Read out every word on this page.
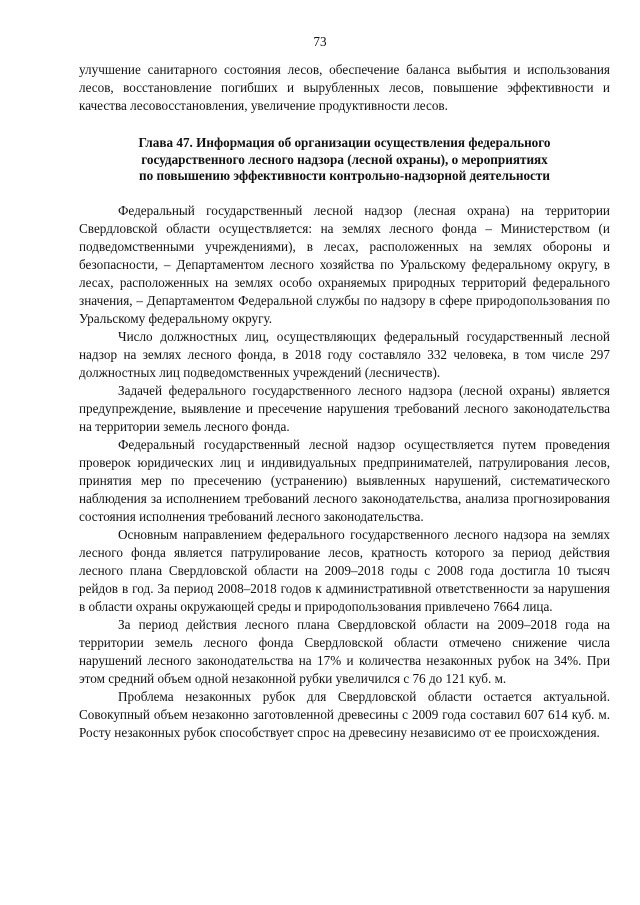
73

улучшение санитарного состояния лесов, обеспечение баланса выбытия и использования лесов, восстановление погибших и вырубленных лесов, повышение эффективности и качества лесовосстановления, увеличение продуктивности лесов.

Глава 47. Информация об организации осуществления федерального
государственного лесного надзора (лесной охраны), о мероприятиях
по повышению эффективности контрольно-надзорной деятельности

Федеральный государственный лесной надзор (лесная охрана) на территории Свердловской области осуществляется: на землях лесного фонда – Министерством (и подведомственными учреждениями), в лесах, расположенных на землях обороны и безопасности, – Департаментом лесного хозяйства по Уральскому федеральному округу, в лесах, расположенных на землях особо охраняемых природных территорий федерального значения, – Департаментом Федеральной службы по надзору в сфере природопользования по Уральскому федеральному округу.

Число должностных лиц, осуществляющих федеральный государственный лесной надзор на землях лесного фонда, в 2018 году составляло 332 человека, в том числе 297 должностных лиц подведомственных учреждений (лесничеств).

Задачей федерального государственного лесного надзора (лесной охраны) является предупреждение, выявление и пресечение нарушения требований лесного законодательства на территории земель лесного фонда.

Федеральный государственный лесной надзор осуществляется путем проведения проверок юридических лиц и индивидуальных предпринимателей, патрулирования лесов, принятия мер по пресечению (устранению) выявленных нарушений, систематического наблюдения за исполнением требований лесного законодательства, анализа прогнозирования состояния исполнения требований лесного законодательства.

Основным направлением федерального государственного лесного надзора на землях лесного фонда является патрулирование лесов, кратность которого за период действия лесного плана Свердловской области на 2009–2018 годы с 2008 года достигла 10 тысяч рейдов в год. За период 2008–2018 годов к административной ответственности за нарушения в области охраны окружающей среды и природопользования привлечено 7664 лица.

За период действия лесного плана Свердловской области на 2009–2018 года на территории земель лесного фонда Свердловской области отмечено снижение числа нарушений лесного законодательства на 17% и количества незаконных рубок на 34%. При этом средний объем одной незаконной рубки увеличился с 76 до 121 куб. м.

Проблема незаконных рубок для Свердловской области остается актуальной. Совокупный объем незаконно заготовленной древесины с 2009 года составил 607 614 куб. м. Росту незаконных рубок способствует спрос на древесину независимо от ее происхождения.
